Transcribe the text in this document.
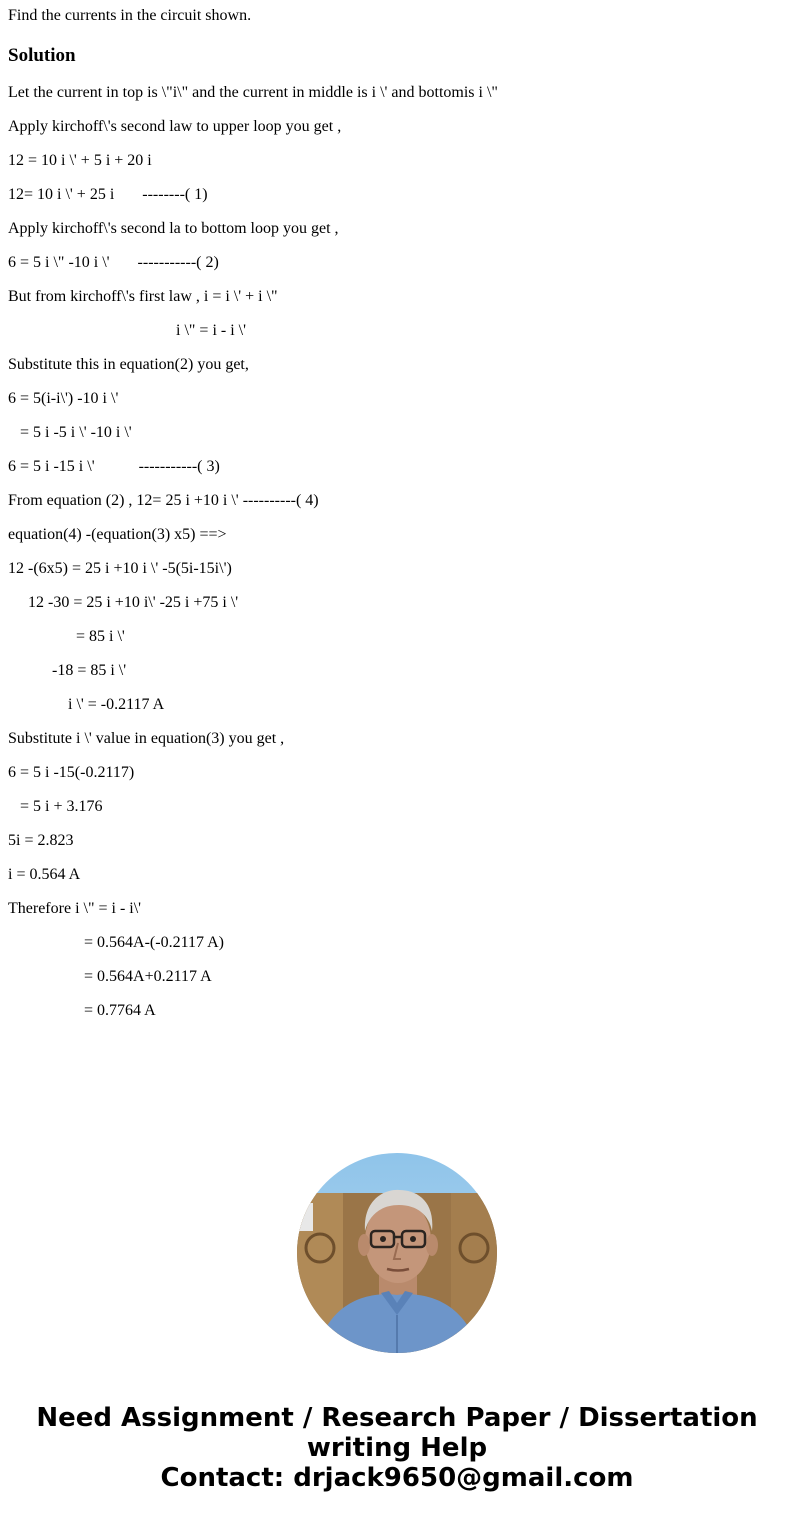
Find the currents in the circuit shown.

Solution

Let the current in top is \"i\" and the current in middle is i \' and bottomis i \"

Apply kirchoff\'s second law to upper loop you get ,

12 = 10 i \' + 5 i + 20 i

12= 10 i \' + 25 i       --------( 1)

Apply kirchoff\'s second la to bottom loop you get ,

6 = 5 i \" -10 i \'       -----------( 2)

But from kirchoff\'s first law , i = i \' + i \"

i \" = i - i \'

Substitute this in equation(2) you get,

6 = 5(i-i\') -10 i \'

= 5 i -5 i \' -10 i \'

6 = 5 i -15 i \'           -----------( 3)

From equation (2) , 12= 25 i +10 i \' ----------( 4)

equation(4) -(equation(3) x5) ==>

12 -(6x5) = 25 i +10 i \' -5(5i-15i\')

12 -30 = 25 i +10 i\' -25 i +75 i \'

= 85 i \'

-18 = 85 i \'

i \' = -0.2117 A

Substitute i \' value in equation(3) you get ,

6 = 5 i -15(-0.2117)

= 5 i + 3.176

5i = 2.823

i = 0.564 A

Therefore i \" = i - i\'

= 0.564A-(-0.2117 A)

= 0.564A+0.2117 A

= 0.7764 A

Need Assignment / Research Paper / Dissertation
writing Help
Contact: drjack9650@gmail.com
